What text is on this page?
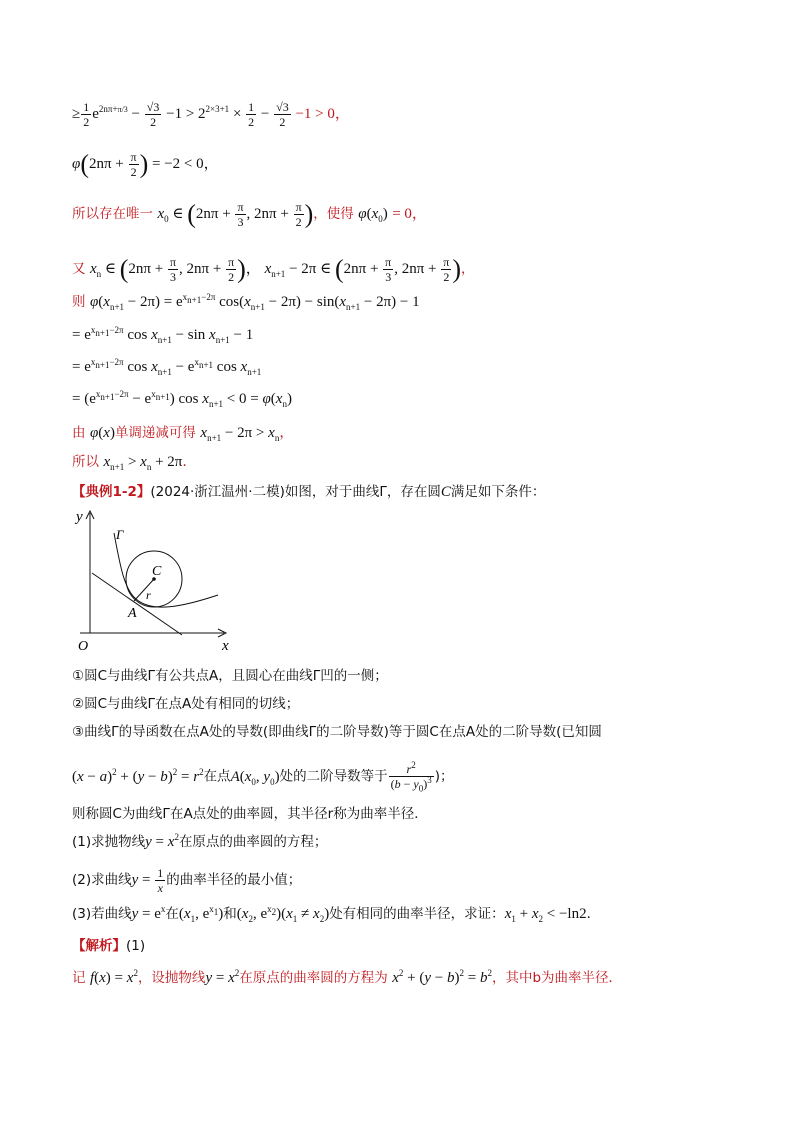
≥ $\frac{1}{2} e^{2n\pi+\pi/3} - \frac{√3}{2} -1 > 2^{2\times 3+1} \times \frac{1}{2} - \frac{√3}{2} -1 > 0$，
$\varphi(2n\pi + \frac{\pi}{2}$ ) = −2 < 0，
所以存在唯一 $x_0$ ∈ ($2n\pi + \frac{\pi}{3}$ , $2n\pi + \frac{\pi}{2}$ )，使得 $\varphi(x_0) = 0$，
又 $x_n$ ∈ ($2n\pi + \frac{\pi}{3}$ , $2n\pi + \frac{\pi}{2}$ )， $x_{n+1} - 2\pi$ ∈ ($2n\pi + \frac{\pi}{3}$ , $2n\pi + \frac{\pi}{2}$ )，
则 $\varphi(x_{n+1} - 2\pi) = e^{x_{n+1}-2\pi}$ $\cos(x_{n+1} - 2\pi) - \sin(x_{n+1} - 2\pi) - 1$
= $e^{x_{n+1}-2\pi}$ $\cos x_{n+1} - \sin x_{n+1} - 1$
= $e^{x_{n+1}-2\pi}$ $\cos x_{n+1} - e^{x_{n+1}}$ $\cos x_{n+1}$
= $(e^{x_{n+1}-2\pi} - e^{x_{n+1}})$ $\cos x_{n+1} < 0 = \varphi(x_n)$
由 φ(x)单调递减可得 $x_{n+1} - 2\pi > x_n$，
所以 $x_{n+1} > x_n + 2\pi$.
【典例1-2】(2024·浙江温州·二模)如图，对于曲线Γ，存在圆C满足如下条件：
y
x
O
Γ
C
r
A
①圆C与曲线Γ有公共点A，且圆心在曲线Γ凹的一侧；
②圆C与曲线Γ在点A处有相同的切线；
③曲线Γ的导函数在点A处的导数(即曲线Γ的二阶导数)等于圆C在点A处的二阶导数(已知圆
$(x - a)^2 + (y - b)^2 = r^2$在点$A(x_0$, $y_0$)处的二阶导数等于 $\frac{r^2}{(b - y_0)^3}$ )；
则称圆C为曲线Γ在A点处的曲率圆，其半径r称为曲率半径．
(1)求抛物线$y = x^2$在原点的曲率圆的方程；
(2)求曲线$y = \frac{1}{x}$ 的曲率半径的最小值；
(3)若曲线$y = e^x$在($x_1$, $e^{x_1}$)和($x_2$, $e^{x_2})(x_1 \ne x_2)$处有相同的曲率半径，求证：$x_1 + x_2 < -\ln 2$．
【解析】(1)
记 $f(x) = x^2$，设抛物线$y = x^2$在原点的曲率圆的方程为 $x^2 + (y - b)^2 = b^2$，其中b为曲率半径．
